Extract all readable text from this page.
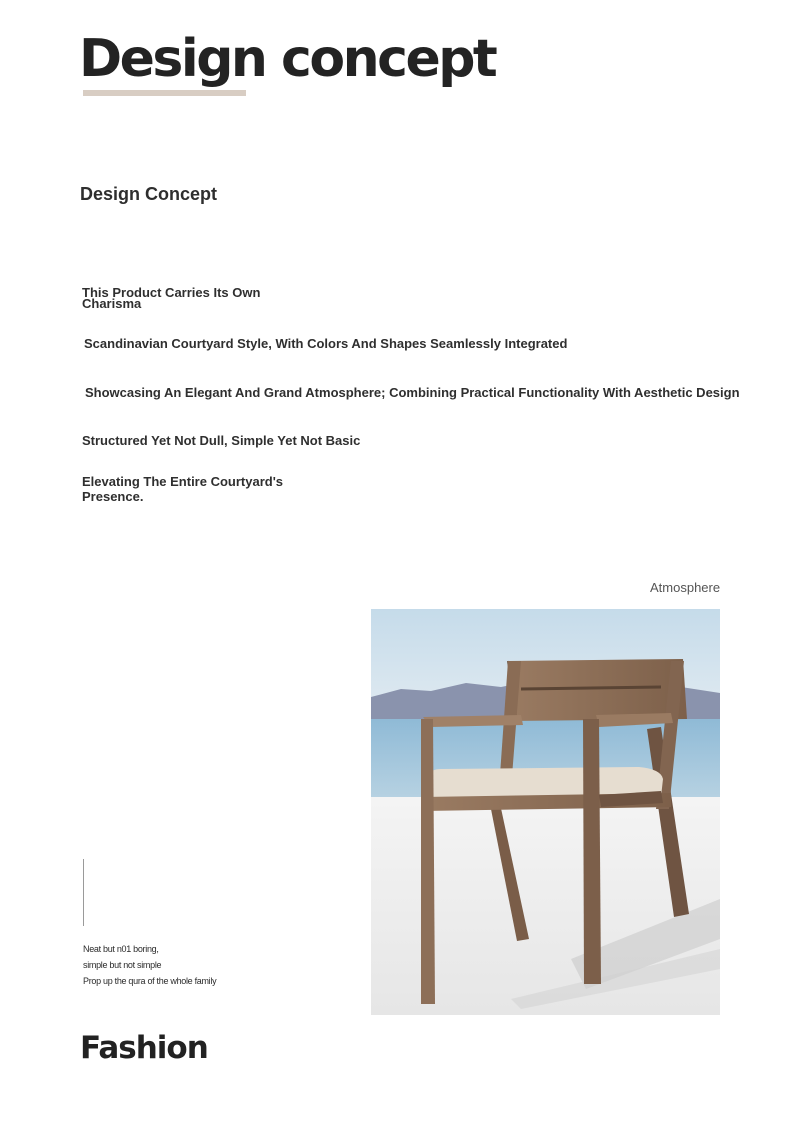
Design concept
Design Concept

This Product Carries Its Own Charisma

Scandinavian Courtyard Style, With Colors And Shapes Seamlessly Integrated

Showcasing An Elegant And Grand Atmosphere; Combining Practical Functionality With Aesthetic Design

Structured Yet Not Dull, Simple Yet Not Basic

Elevating The Entire Courtyard's Presence.

Atmosphere
Neat but n01 boring,
simple but not simple
Prop up the qura of the whole family
Fashion
